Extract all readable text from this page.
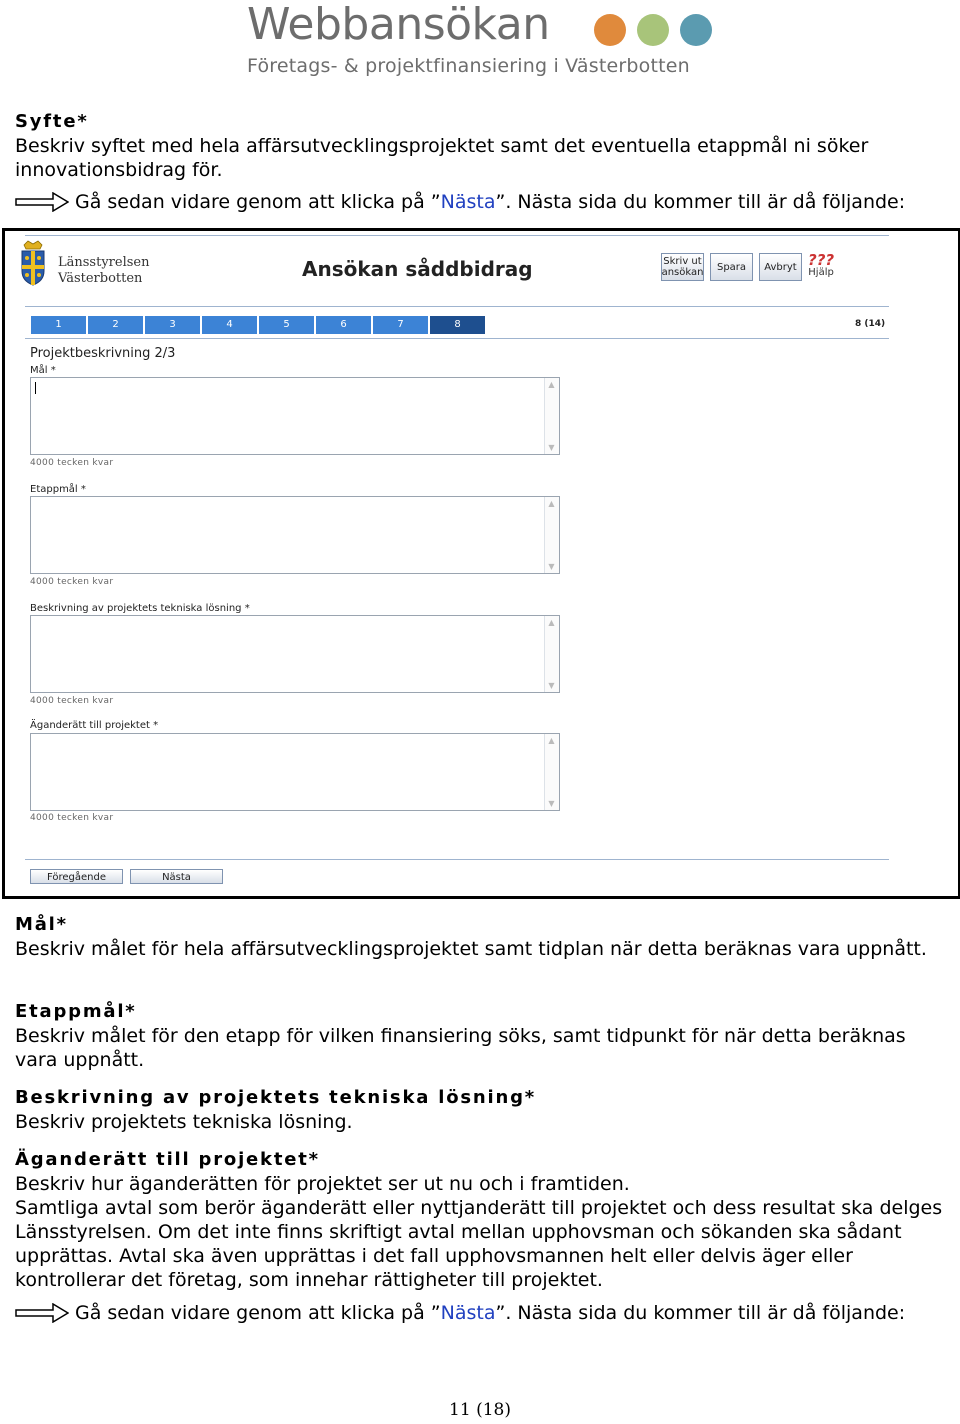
Webbansökan
Företags- & projektfinansiering i Västerbotten
Syfte*
Beskriv syftet med hela affärsutvecklingsprojektet samt det eventuella etappmål ni söker innovationsbidrag för.
Gå sedan vidare genom att klicka på ” Nästa ”. Nästa sida du kommer till är då följande:
Länsstyrelsen
Västerbotten	Ansökan såddbidrag	Skriv ut
ansökan Spara Avbryt ???
Hjälp
1	2	3	4	5	6	7	8	8 (14)
Projektbeskrivning 2/3
Mål *
▲
▼
4000 tecken kvar
Etappmål *
▲
▼
4000 tecken kvar
Beskrivning av projektets tekniska lösning *
▲
▼
4000 tecken kvar
Äganderätt till projektet *
▲
▼
4000 tecken kvar
Föregående	Nästa
Mål*
Beskriv målet för hela affärsutvecklingsprojektet samt tidplan när detta beräknas vara uppnått.
Etappmål*
Beskriv målet för den etapp för vilken finansiering söks, samt tidpunkt för när detta beräknas vara uppnått.
Beskrivning av projektets tekniska lösning*
Beskriv projektets tekniska lösning.
Äganderätt till projektet*
Beskriv hur äganderätten för projektet ser ut nu och i framtiden.
Samtliga avtal som berör äganderätt eller nyttjanderätt till projektet och dess resultat ska delges Länsstyrelsen. Om det inte finns skriftigt avtal mellan upphovsman och sökanden ska sådant upprättas. Avtal ska även upprättas i det fall upphovsmannen helt eller delvis äger eller kontrollerar det företag, som innehar rättigheter till projektet.
Gå sedan vidare genom att klicka på ” Nästa ”. Nästa sida du kommer till är då följande:
11 (18)
